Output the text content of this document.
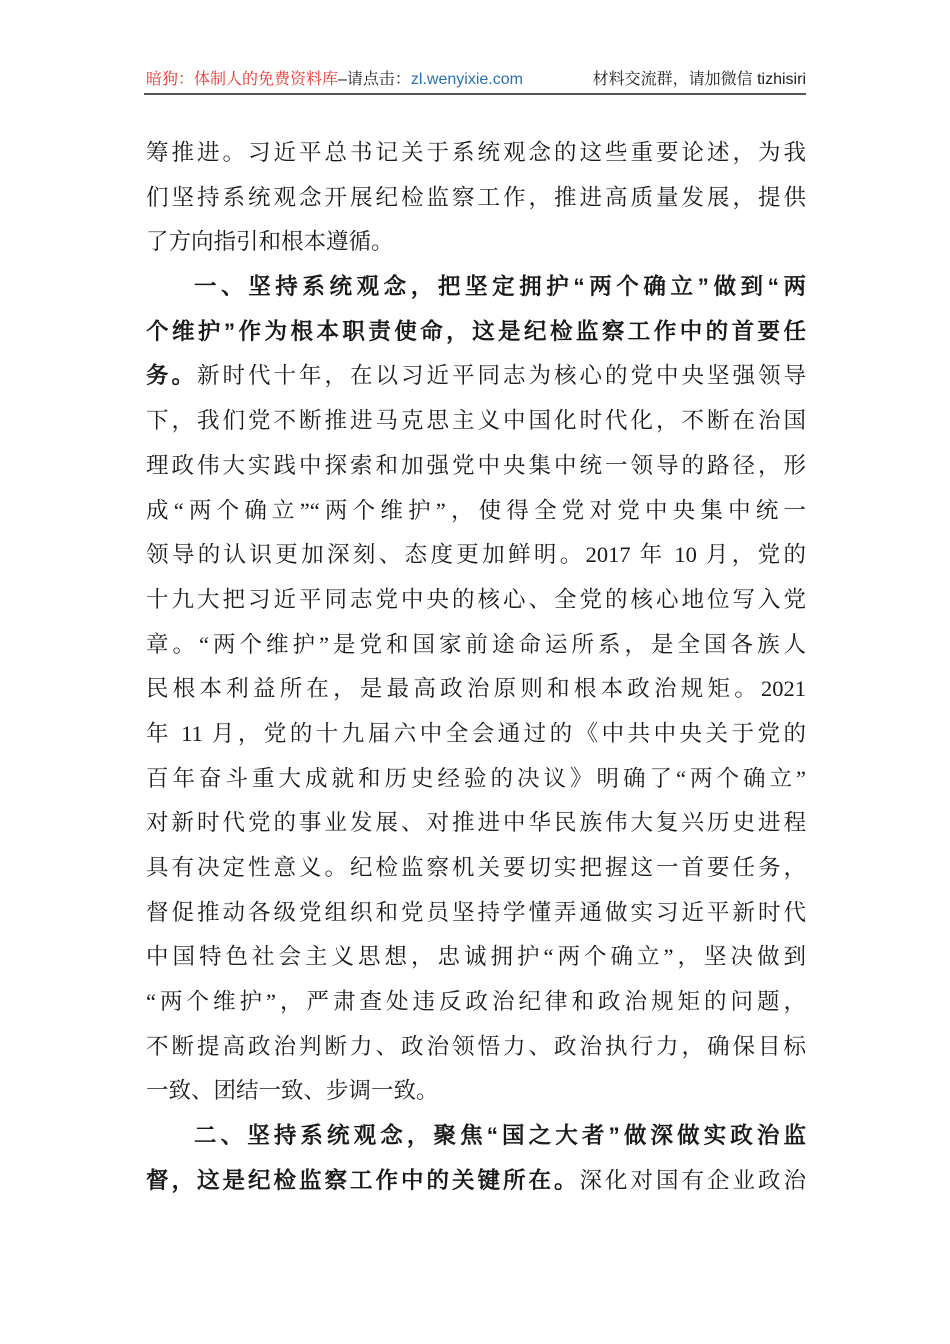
暗狗：体制人的免费资料库–请点击：zl.wenyixie.com	材料交流群，请加微信 tizhisiri
筹推进。习近平总书记关于系统观念的这些重要论述，为我
们坚持系统观念开展纪检监察工作，推进高质量发展，提供
了方向指引和根本遵循。
一、坚持系统观念，把坚定拥护“两个确立”做到“两
个维护”作为根本职责使命，这是纪检监察工作中的首要任
务。新时代十年，在以习近平同志为核心的党中央坚强领导
下，我们党不断推进马克思主义中国化时代化，不断在治国
理政伟大实践中探索和加强党中央集中统一领导的路径，形
成“两个确立”“两个维护”，使得全党对党中央集中统一
领导的认识更加深刻、态度更加鲜明。2017 年 10 月，党的
十九大把习近平同志党中央的核心、全党的核心地位写入党
章。“两个维护”是党和国家前途命运所系，是全国各族人
民根本利益所在，是最高政治原则和根本政治规矩。2021
年 11 月，党的十九届六中全会通过的《中共中央关于党的
百年奋斗重大成就和历史经验的决议》明确了“两个确立”
对新时代党的事业发展、对推进中华民族伟大复兴历史进程
具有决定性意义。纪检监察机关要切实把握这一首要任务，
督促推动各级党组织和党员坚持学懂弄通做实习近平新时代
中国特色社会主义思想，忠诚拥护“两个确立”，坚决做到
“两个维护”，严肃查处违反政治纪律和政治规矩的问题，
不断提高政治判断力、政治领悟力、政治执行力，确保目标
一致、团结一致、步调一致。
二、坚持系统观念，聚焦“国之大者”做深做实政治监
督，这是纪检监察工作中的关键所在。深化对国有企业政治
